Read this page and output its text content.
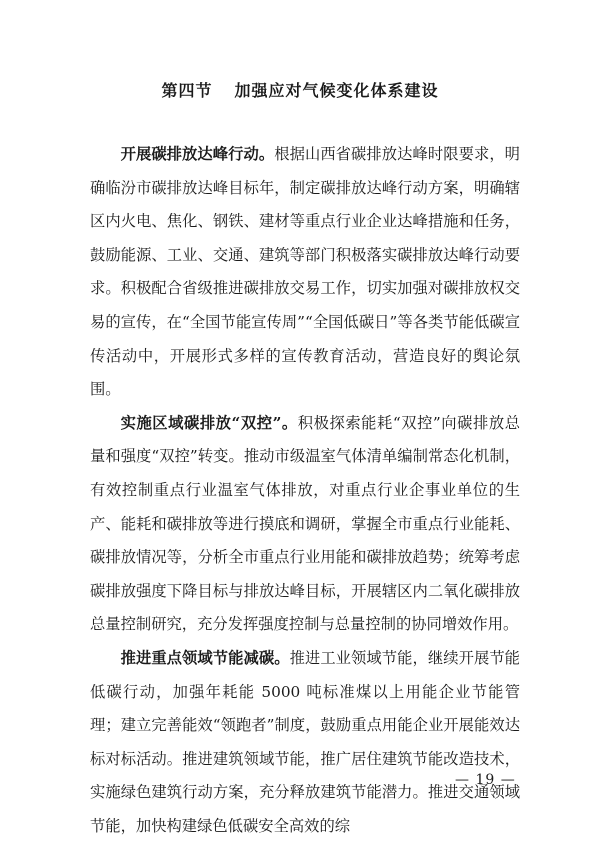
第四节 加强应对气候变化体系建设

开展碳排放达峰行动。根据山西省碳排放达峰时限要求，明确临汾市碳排放达峰目标年，制定碳排放达峰行动方案，明确辖区内火电、焦化、钢铁、建材等重点行业企业达峰措施和任务，鼓励能源、工业、交通、建筑等部门积极落实碳排放达峰行动要求。积极配合省级推进碳排放交易工作，切实加强对碳排放权交易的宣传，在“全国节能宣传周”“全国低碳日”等各类节能低碳宣传活动中，开展形式多样的宣传教育活动，营造良好的舆论氛围。

实施区域碳排放“双控”。积极探索能耗“双控”向碳排放总量和强度“双控”转变。推动市级温室气体清单编制常态化机制，有效控制重点行业温室气体排放，对重点行业企事业单位的生产、能耗和碳排放等进行摸底和调研，掌握全市重点行业能耗、碳排放情况等，分析全市重点行业用能和碳排放趋势；统筹考虑碳排放强度下降目标与排放达峰目标，开展辖区内二氧化碳排放总量控制研究，充分发挥强度控制与总量控制的协同增效作用。

推进重点领域节能减碳。推进工业领域节能，继续开展节能低碳行动，加强年耗能 5000 吨标准煤以上用能企业节能管理；建立完善能效“领跑者”制度，鼓励重点用能企业开展能效达标对标活动。推进建筑领域节能，推广居住建筑节能改造技术，实施绿色建筑行动方案，充分释放建筑节能潜力。推进交通领域节能，加快构建绿色低碳安全高效的综

— 19 —
